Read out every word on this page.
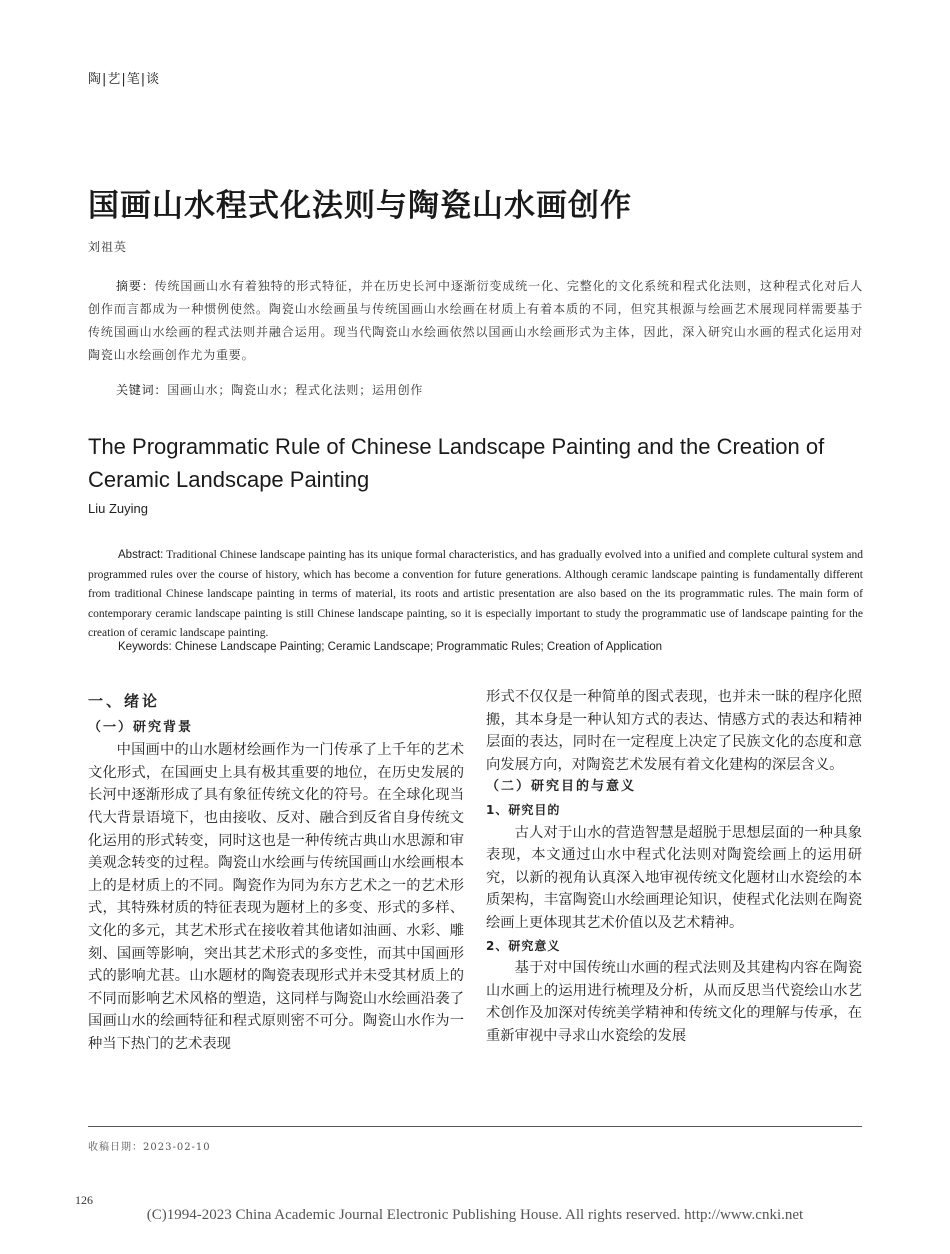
陶|艺|笔|谈
国画山水程式化法则与陶瓷山水画创作
刘祖英
摘要：传统国画山水有着独特的形式特征，并在历史长河中逐渐衍变成统一化、完整化的文化系统和程式化法则，这种程式化对后人创作而言都成为一种惯例使然。陶瓷山水绘画虽与传统国画山水绘画在材质上有着本质的不同，但究其根源与绘画艺术展现同样需要基于传统国画山水绘画的程式法则并融合运用。现当代陶瓷山水绘画依然以国画山水绘画形式为主体，因此，深入研究山水画的程式化运用对陶瓷山水绘画创作尤为重要。
关键词：国画山水；陶瓷山水；程式化法则；运用创作
The Programmatic Rule of Chinese Landscape Painting and the Creation of Ceramic Landscape Painting
Liu Zuying
Abstract: Traditional Chinese landscape painting has its unique formal characteristics, and has gradually evolved into a unified and complete cultural system and programmed rules over the course of history, which has become a convention for future generations. Although ceramic landscape painting is fundamentally different from traditional Chinese landscape painting in terms of material, its roots and artistic presentation are also based on the its programmatic rules. The main form of contemporary ceramic landscape painting is still Chinese landscape painting, so it is especially important to study the programmatic use of landscape painting for the creation of ceramic landscape painting.
Keywords: Chinese Landscape Painting; Ceramic Landscape; Programmatic Rules; Creation of Application
一、绪论
（一）研究背景

中国画中的山水题材绘画作为一门传承了上千年的艺术文化形式，在国画史上具有极其重要的地位，在历史发展的长河中逐渐形成了具有象征传统文化的符号。在全球化现当代大背景语境下，也由接收、反对、融合到反省自身传统文化运用的形式转变，同时这也是一种传统古典山水思源和审美观念转变的过程。陶瓷山水绘画与传统国画山水绘画根本上的是材质上的不同。陶瓷作为同为东方艺术之一的艺术形式，其特殊材质的特征表现为题材上的多变、形式的多样、文化的多元，其艺术形式在接收着其他诸如油画、水彩、雕刻、国画等影响，突出其艺术形式的多变性，而其中国画形式的影响尤甚。山水题材的陶瓷表现形式并未受其材质上的不同而影响艺术风格的塑造，这同样与陶瓷山水绘画沿袭了国画山水的绘画特征和程式原则密不可分。陶瓷山水作为一种当下热门的艺术表现

形式不仅仅是一种简单的图式表现，也并未一昧的程序化照搬，其本身是一种认知方式的表达、情感方式的表达和精神层面的表达，同时在一定程度上决定了民族文化的态度和意向发展方向，对陶瓷艺术发展有着文化建构的深层含义。

（二）研究目的与意义
1、研究目的

古人对于山水的营造智慧是超脱于思想层面的一种具象表现，本文通过山水中程式化法则对陶瓷绘画上的运用研究，以新的视角认真深入地审视传统文化题材山水瓷绘的本质架构，丰富陶瓷山水绘画理论知识，使程式化法则在陶瓷绘画上更体现其艺术价值以及艺术精神。

2、研究意义

基于对中国传统山水画的程式法则及其建构内容在陶瓷山水画上的运用进行梳理及分析，从而反思当代瓷绘山水艺术创作及加深对传统美学精神和传统文化的理解与传承，在重新审视中寻求山水瓷绘的发展

收稿日期：2023-02-10
126
(C)1994-2023 China Academic Journal Electronic Publishing House. All rights reserved. http://www.cnki.net
